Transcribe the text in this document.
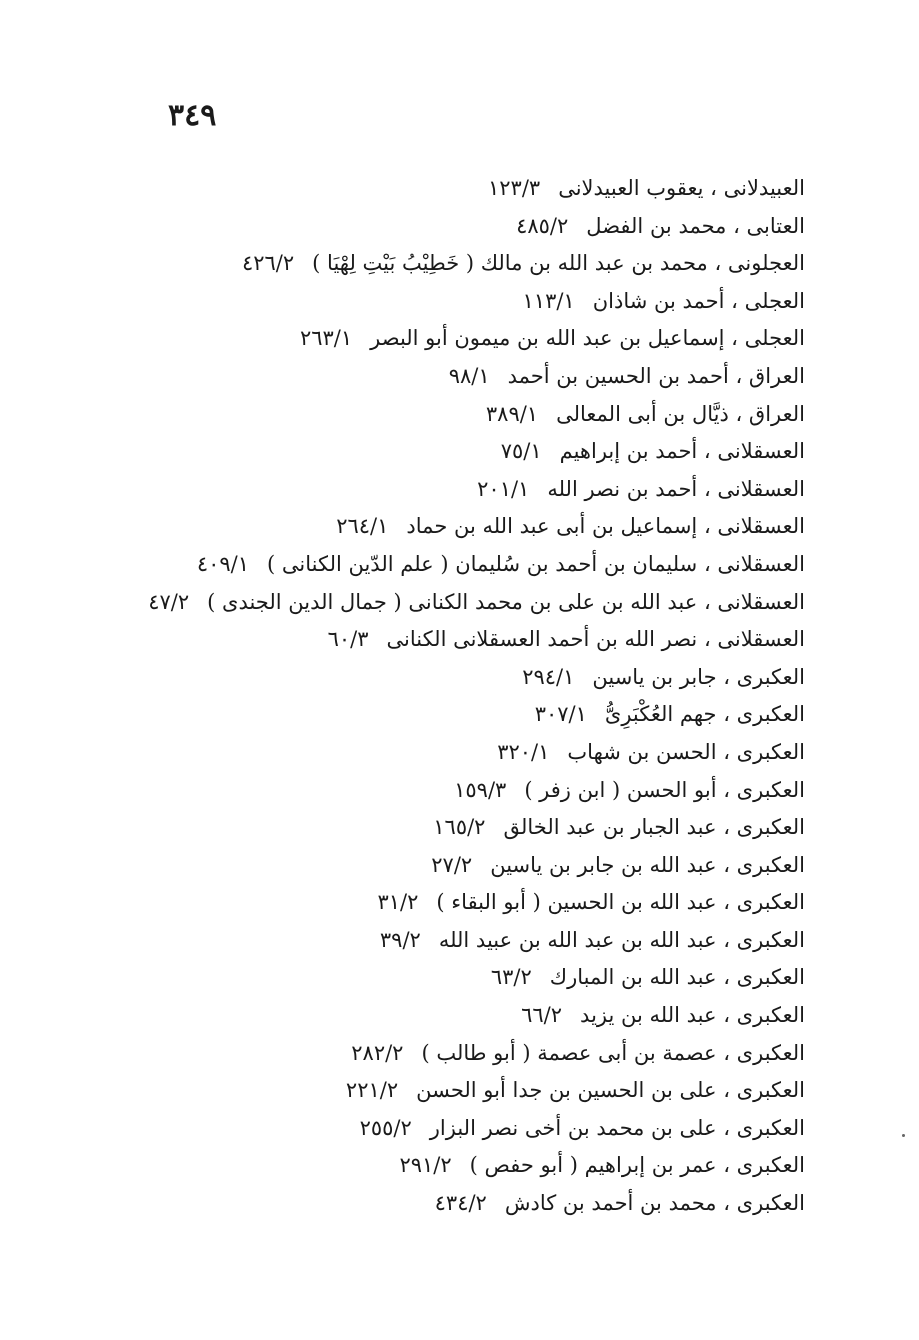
٣٤٩
العبيدلانى ، يعقوب العبيدلانى١٢٣/٣
العتابى ، محمد بن الفضل٤٨٥/٢
العجلونى ، محمد بن عبد الله بن مالك ( خَطِيْبُ بَيْتِ لِهْيَا )٤٢٦/٢
العجلى ، أحمد بن شاذان١١٣/١
العجلى ، إسماعيل بن عبد الله بن ميمون أبو البصر٢٦٣/١
العراق ، أحمد بن الحسين بن أحمد٩٨/١
العراق ، ذيَّال بن أبى المعالى٣٨٩/١
العسقلانى ، أحمد بن إبراهيم٧٥/١
العسقلانى ، أحمد بن نصر الله٢٠١/١
العسقلانى ، إسماعيل بن أبى عبد الله بن حماد٢٦٤/١
العسقلانى ، سليمان بن أحمد بن سُليمان ( علم الدّين الكنانى )٤٠٩/١
العسقلانى ، عبد الله بن على بن محمد الكنانى ( جمال الدين الجندى )٤٧/٢
العسقلانى ، نصر الله بن أحمد العسقلانى الكنانى٦٠/٣
العكبرى ، جابر بن ياسين٢٩٤/١
العكبرى ، جهم العُكْبَرِىُّ٣٠٧/١
العكبرى ، الحسن بن شهاب٣٢٠/١
العكبرى ، أبو الحسن ( ابن زفر )١٥٩/٣
العكبرى ، عبد الجبار بن عبد الخالق١٦٥/٢
العكبرى ، عبد الله بن جابر بن ياسين٢٧/٢
العكبرى ، عبد الله بن الحسين ( أبو البقاء )٣١/٢
العكبرى ، عبد الله بن عبد الله بن عبيد الله٣٩/٢
العكبرى ، عبد الله بن المبارك٦٣/٢
العكبرى ، عبد الله بن يزيد٦٦/٢
العكبرى ، عصمة بن أبى عصمة ( أبو طالب )٢٨٢/٢
العكبرى ، على بن الحسين بن جدا أبو الحسن٢٢١/٢
العكبرى ، على بن محمد بن أخى نصر البزار٢٥٥/٢
العكبرى ، عمر بن إبراهيم ( أبو حفص )٢٩١/٢
العكبرى ، محمد بن أحمد بن كادش٤٣٤/٢
